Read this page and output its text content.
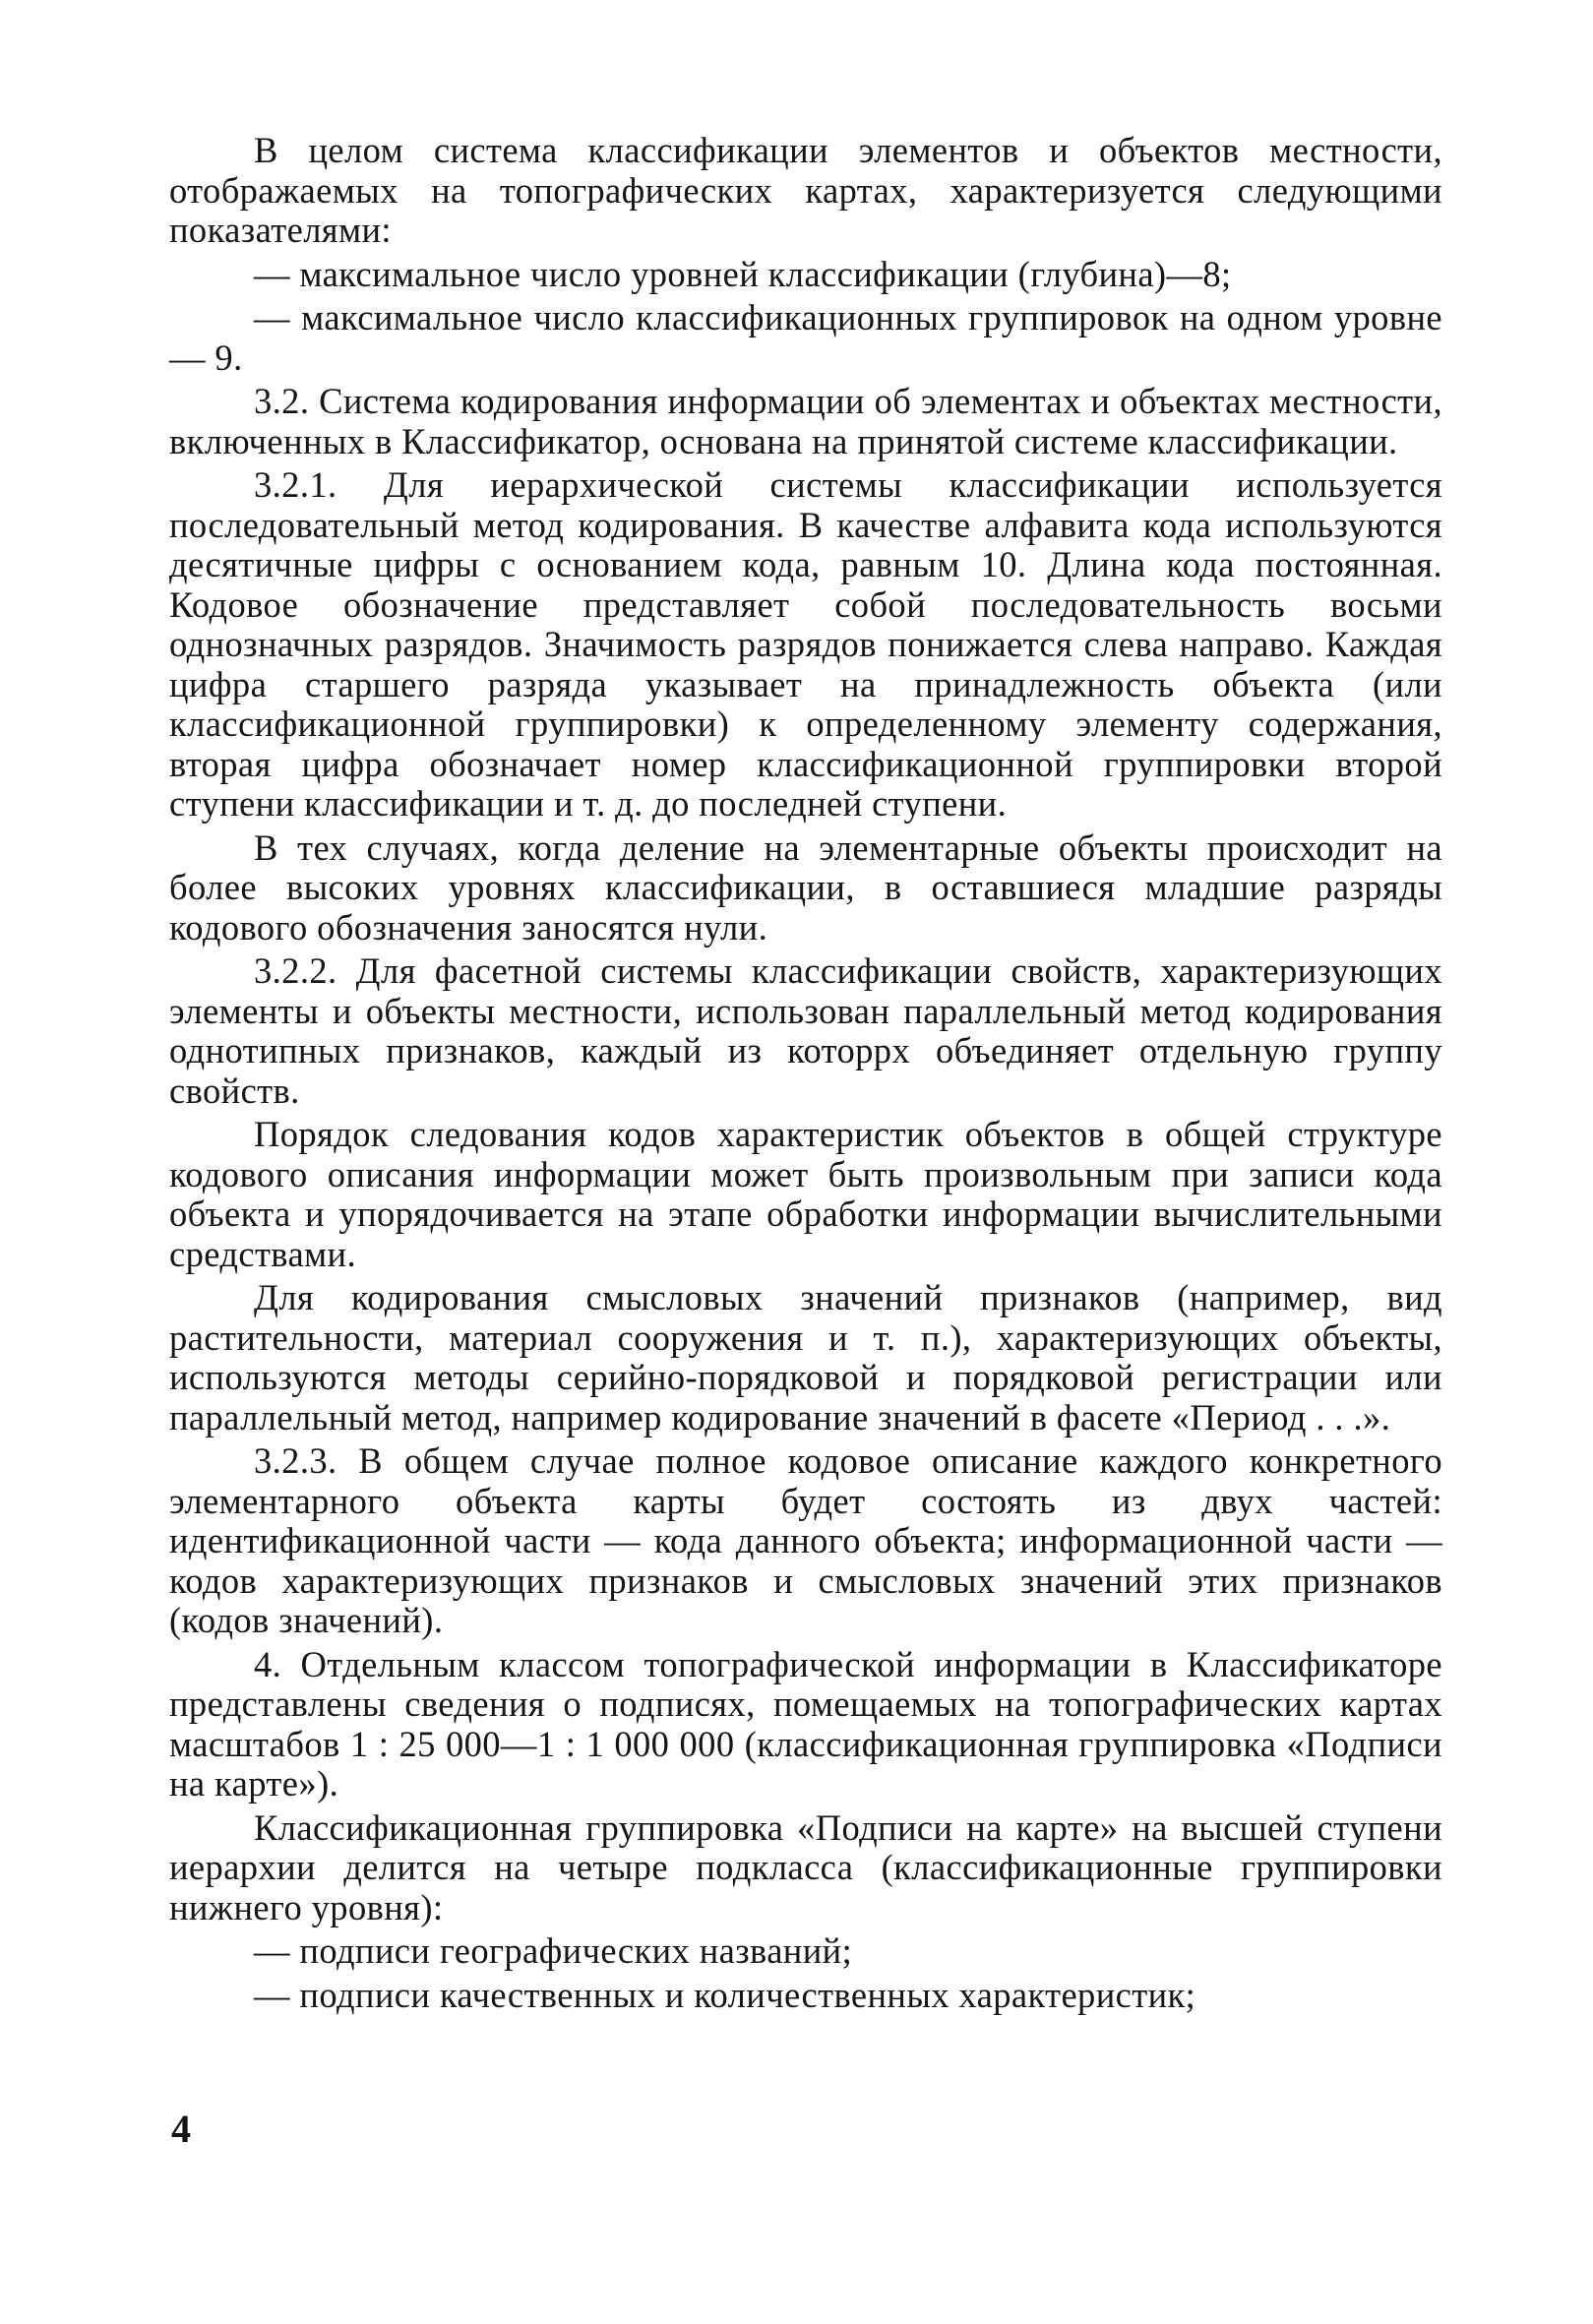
В целом система классификации элементов и объектов местности, отображаемых на топографических картах, характеризуется следующими показателями:

— максимальное число уровней классификации (глубина)—8;

— максимальное число классификационных группировок на одном уровне — 9.

3.2. Система кодирования информации об элементах и объектах местности, включенных в Классификатор, основана на принятой системе классификации.

3.2.1. Для иерархической системы классификации используется последовательный метод кодирования. В качестве алфавита кода используются десятичные цифры с основанием кода, равным 10. Длина кода постоянная. Кодовое обозначение представляет собой последовательность восьми однозначных разрядов. Значимость разрядов понижается слева направо. Каждая цифра старшего разряда указывает на принадлежность объекта (или классификационной группировки) к определенному элементу содержания, вторая цифра обозначает номер классификационной группировки второй ступени классификации и т. д. до последней ступени.

В тех случаях, когда деление на элементарные объекты происходит на более высоких уровнях классификации, в оставшиеся младшие разряды кодового обозначения заносятся нули.

3.2.2. Для фасетной системы классификации свойств, характеризующих элементы и объекты местности, использован параллельный метод кодирования однотипных признаков, каждый из которрх объединяет отдельную группу свойств.

Порядок следования кодов характеристик объектов в общей структуре кодового описания информации может быть произвольным при записи кода объекта и упорядочивается на этапе обработки информации вычислительными средствами.

Для кодирования смысловых значений признаков (например, вид растительности, материал сооружения и т. п.), характеризующих объекты, используются методы серийно-порядковой и порядковой регистрации или параллельный метод, например кодирование значений в фасете «Период . . .».

3.2.3. В общем случае полное кодовое описание каждого конкретного элементарного объекта карты будет состоять из двух частей: идентификационной части — кода данного объекта; информационной части — кодов характеризующих признаков и смысловых значений этих признаков (кодов значений).

4. Отдельным классом топографической информации в Классификаторе представлены сведения о подписях, помещаемых на топографических картах масштабов 1 : 25 000—1 : 1 000 000 (классификационная группировка «Подписи на карте»).

Классификационная группировка «Подписи на карте» на высшей ступени иерархии делится на четыре подкласса (классификационные группировки нижнего уровня):

— подписи географических названий;

— подписи качественных и количественных характеристик;

4
